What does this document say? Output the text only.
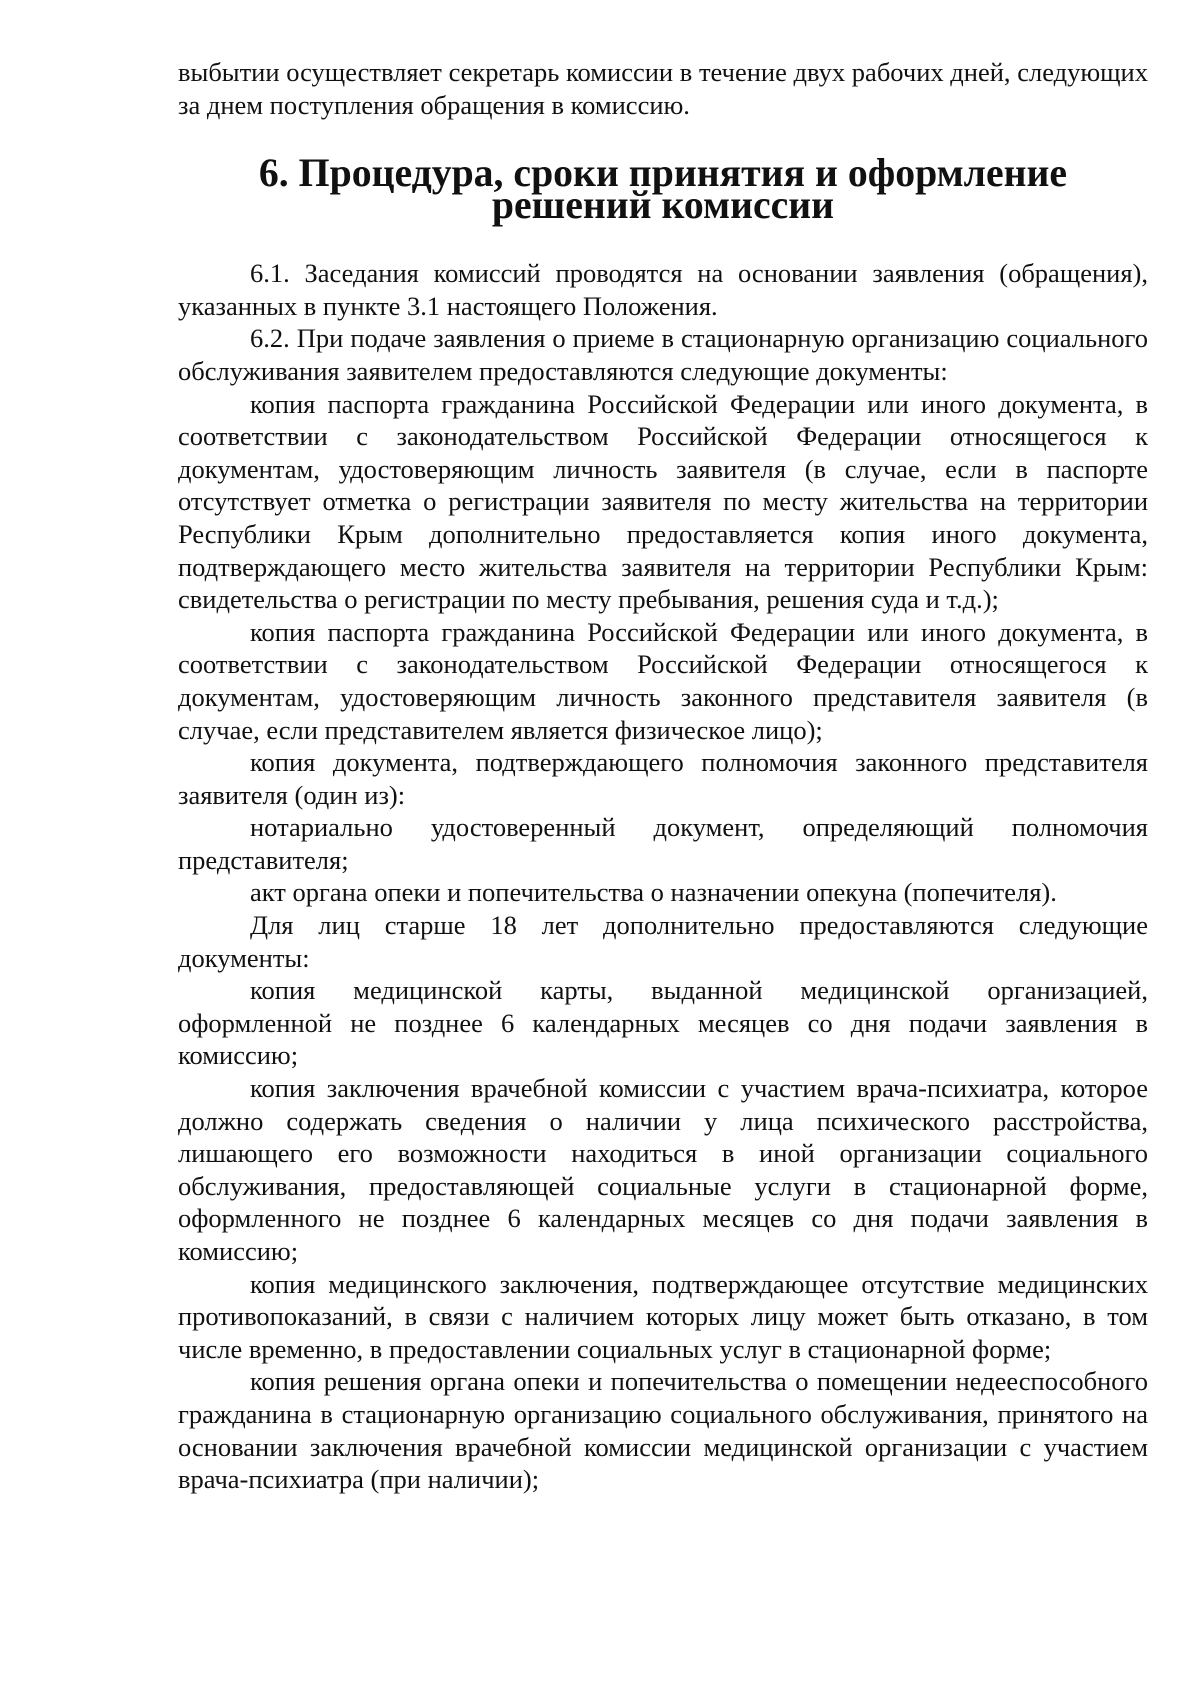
выбытии осуществляет секретарь комиссии в течение двух рабочих дней, следующих за днем поступления обращения в комиссию.

6. Процедура, сроки принятия и оформление
решений комиссии

6.1. Заседания комиссий проводятся на основании заявления (обращения), указанных в пункте 3.1 настоящего Положения.

6.2. При подаче заявления о приеме в стационарную организацию социального обслуживания заявителем предоставляются следующие документы:

копия паспорта гражданина Российской Федерации или иного документа, в соответствии с законодательством Российской Федерации относящегося к документам, удостоверяющим личность заявителя (в случае, если в паспорте отсутствует отметка о регистрации заявителя по месту жительства на территории Республики Крым дополнительно предоставляется копия иного документа, подтверждающего место жительства заявителя на территории Республики Крым: свидетельства о регистрации по месту пребывания, решения суда и т.д.);

копия паспорта гражданина Российской Федерации или иного документа, в соответствии с законодательством Российской Федерации относящегося к документам, удостоверяющим личность законного представителя заявителя (в случае, если представителем является физическое лицо);

копия документа, подтверждающего полномочия законного представителя заявителя (один из):

нотариально удостоверенный документ, определяющий полномочия представителя;

акт органа опеки и попечительства о назначении опекуна (попечителя).

Для лиц старше 18 лет дополнительно предоставляются следующие документы:

копия медицинской карты, выданной медицинской организацией, оформленной не позднее 6 календарных месяцев со дня подачи заявления в комиссию;

копия заключения врачебной комиссии с участием врача-психиатра, которое должно содержать сведения о наличии у лица психического расстройства, лишающего его возможности находиться в иной организации социального обслуживания, предоставляющей социальные услуги в стационарной форме, оформленного не позднее 6 календарных месяцев со дня подачи заявления в комиссию;

копия медицинского заключения, подтверждающее отсутствие медицинских противопоказаний, в связи с наличием которых лицу может быть отказано, в том числе временно, в предоставлении социальных услуг в стационарной форме;

копия решения органа опеки и попечительства о помещении недееспособного гражданина в стационарную организацию социального обслуживания, принятого на основании заключения врачебной комиссии медицинской организации с участием врача-психиатра (при наличии);
